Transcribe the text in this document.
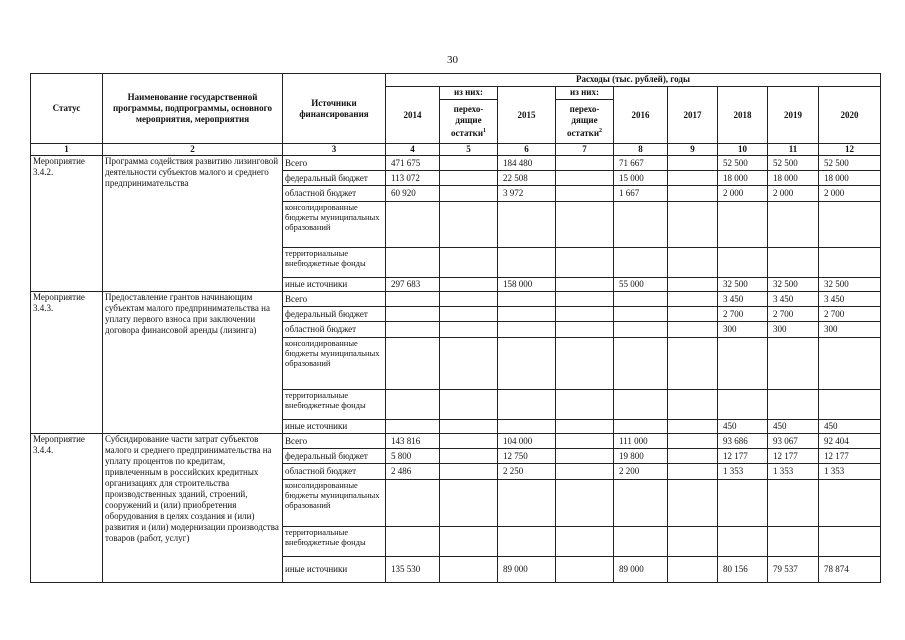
30
Статус	Наименование государственной программы, подпрограммы, основного мероприятия, мероприятия	Источники финансирования	Расходы (тыс. рублей), годы								
			2014	из них:	2015	из них:	2016	2017	2018	2019	2020
				перехо-дящие остатки$^1$		перехо-дящие остатки$^2$
1	2	3	4	5	6	7	8	9	10	11	12
Мероприятие 3.4.2.	Программа содействия развитию лизинговой деятельности субъектов малого и среднего предпринимательства	Всего	471 675		184 480		71 667		52 500	52 500	52 500
		федеральный бюджет	113 072		22 508		15 000		18 000	18 000	18 000
		областной бюджет	60 920		3 972		1 667		2 000	2 000	2 000
		консолидированные бюджеты муниципальных образований									
		территориальные внебюджетные фонды									
		иные источники	297 683		158 000		55 000		32 500	32 500	32 500
Мероприятие 3.4.3.	Предоставление грантов начинающим субъектам малого предпринимательства на уплату первого взноса при заключении договора финансовой аренды (лизинга)	Всего							3 450	3 450	3 450
		федеральный бюджет							2 700	2 700	2 700
		областной бюджет							300	300	300
		консолидированные бюджеты муниципальных образований									
		территориальные внебюджетные фонды									
		иные источники							450	450	450
Мероприятие 3.4.4.	Субсидирование части затрат субъектов малого и среднего предпринимательства на уплату процентов по кредитам, привлеченным в российских кредитных организациях для строительства производственных зданий, строений, сооружений и (или) приобретения оборудования в целях создания и (или) развития и (или) модернизации производства товаров (работ, услуг)	Всего	143 816		104 000		111 000		93 686	93 067	92 404
		федеральный бюджет	5 800		12 750		19 800		12 177	12 177	12 177
		областной бюджет	2 486		2 250		2 200		1 353	1 353	1 353
		консолидированные бюджеты муниципальных образований									
		территориальные внебюджетные фонды									
		иные источники	135 530		89 000		89 000		80 156	79 537	78 874
